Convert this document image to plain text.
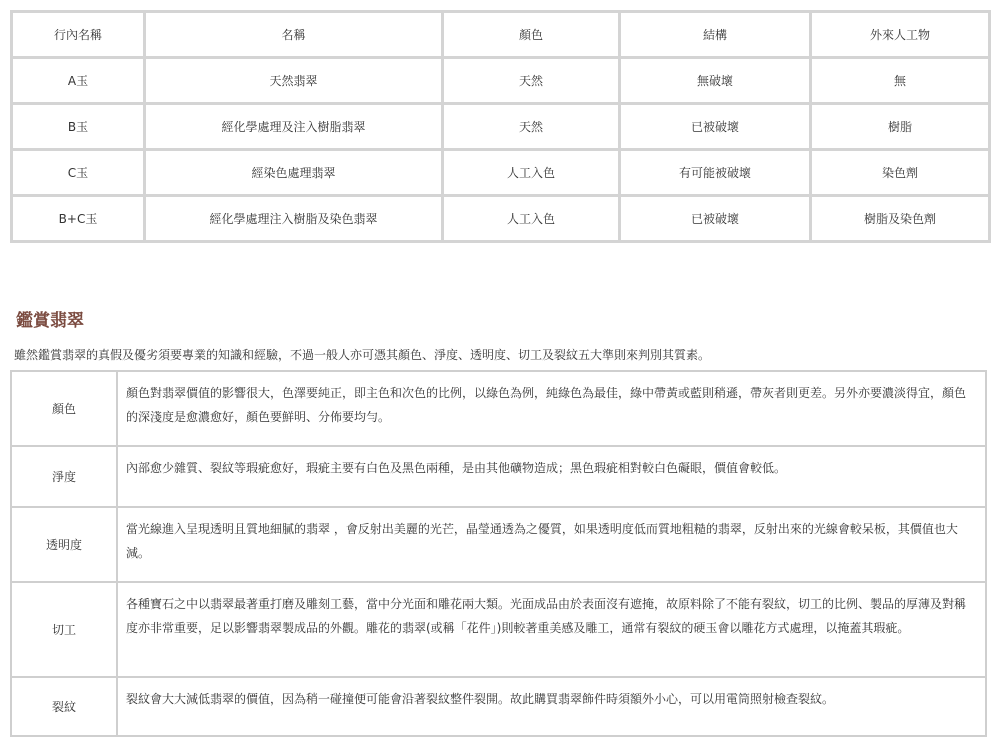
行內名稱	名稱	顏色	結構	外來人工物
A玉	天然翡翠	天然	無破壞	無
B玉	經化學處理及注入樹脂翡翠	天然	已被破壞	樹脂
C玉	經染色處理翡翠	人工入色	有可能被破壞	染色劑
B+C玉	經化學處理注入樹脂及染色翡翠	人工入色	已被破壞	樹脂及染色劑
鑑賞翡翠

雖然鑑賞翡翠的真假及優劣須要專業的知識和經驗，不過一般人亦可憑其顏色、淨度、透明度、切工及裂紋五大準則來判別其質素。

顏色	顏色對翡翠價值的影響很大，色澤要純正，即主色和次色的比例，以綠色為例，純綠色為最佳，綠中帶黃或藍則稍遜，帶灰者則更差。另外亦要濃淡得宜，顏色的深淺度是愈濃愈好，顏色要鮮明、分佈要均勻。
淨度	內部愈少雜質、裂紋等瑕疵愈好，瑕疵主要有白色及黑色兩種，是由其他礦物造成；黑色瑕疵相對較白色礙眼，價值會較低。
透明度	當光線進入呈現透明且質地細膩的翡翠 ，會反射出美麗的光芒，晶瑩通透為之優質，如果透明度低而質地粗糙的翡翠，反射出來的光線會較呆板，其價值也大減。
切工	各種寶石之中以翡翠最著重打磨及雕刻工藝，當中分光面和雕花兩大類。光面成品由於表面沒有遮掩，故原料除了不能有裂紋，切工的比例、製品的厚薄及對稱度亦非常重要，足以影響翡翠製成品的外觀。雕花的翡翠(或稱「花件」)則較著重美感及雕工，通常有裂紋的硬玉會以雕花方式處理，以掩蓋其瑕疵。
裂紋	裂紋會大大減低翡翠的價值，因為稍一碰撞便可能會沿著裂紋整件裂開。故此購買翡翠飾件時須額外小心，可以用電筒照射檢查裂紋。
